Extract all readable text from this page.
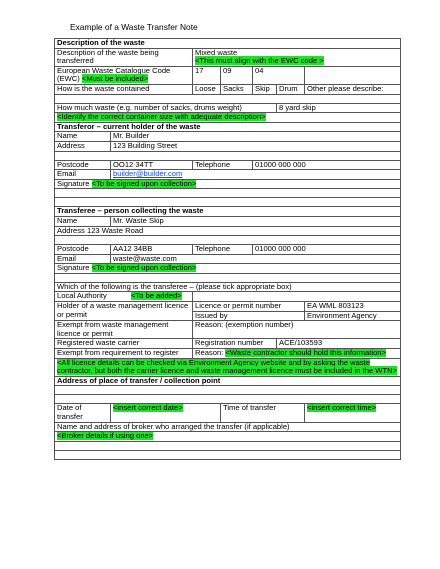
Example of a Waste Transfer Note
Description of the waste						
Description of the waste being transferred		Mixed waste
<This must align with the EWC code >				
European Waste Catalogue Code (EWC) <Must be included>		17	09	04		
How is the waste contained		Loose	Sacks	Skip	Drum	Other please describe:

How much waste (e.g. number of sacks, drums weight)					8 yard skip	
<Identify the correct container size with adequate description>						
Transferor – current holder of the waste						
Name	Mr. Builder					
Address	123 Building Street					

Postcode	OO12 34TT	Telephone		01000 000 000		
Email	builder@builder.com					
Signature <To be signed upon collection>						

Transferee – person collecting the waste						
Name	Mr. Waste Skip					
Address 123 Waste Road						

Postcode	AA12 34BB	Telephone		01000 000 000		
Email	waste@waste.com					
Signature <To be signed upon collection>						

Which of the following is the transferee – (please tick appropriate box)						
Local Authority <To be added>						
Holder of a waste management licence or permit		Licence or permit number				EA WML 803123
		Issued by				Environment Agency
Exempt from waste management licence or permit		Reason: (exemption number)				
Registered waste carrier		Registration number			ACE/103593	
Exempt from requirement to register		Reason: <Waste contractor should hold this information>				
<All licence details can be checked via Environment Agency website and by asking the waste contractor, but both the carrier licence and waste management licence must be included in the WTN>						
Address of place of transfer / collection point						

Date of transfer	<insert correct date>		Time of transfer			<insert correct time>
Name and address of broker who arranged the transfer (if applicable)						
<Broker details if using one>						
